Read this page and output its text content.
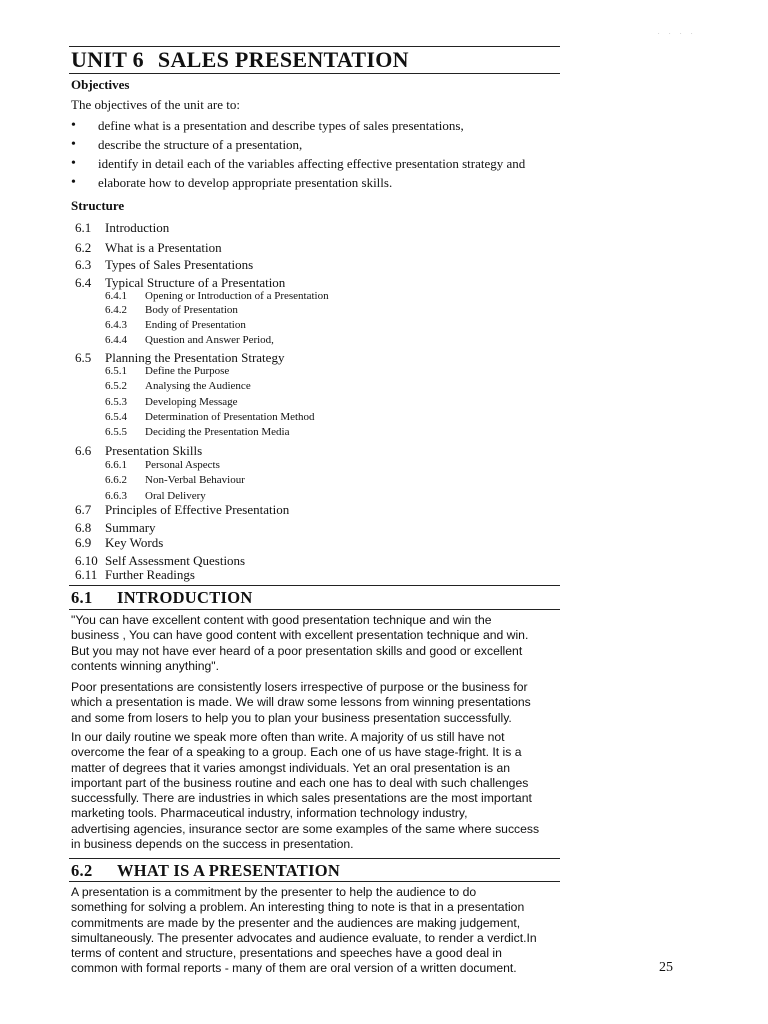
. . . .
UNIT 6 SALES PRESENTATION
Objectives
The objectives of the unit are to:
• define what is a presentation and describe types of sales presentations,
• describe the structure of a presentation,
• identify in detail each of the variables affecting effective presentation strategy and
• elaborate how to develop appropriate presentation skills.
Structure
6.1 Introduction
6.2 What is a Presentation
6.3 Types of Sales Presentations
6.4 Typical Structure of a Presentation
6.4.1 Opening or Introduction of a Presentation
6.4.2 Body of Presentation
6.4.3 Ending of Presentation
6.4.4 Question and Answer Period,
6.5 Planning the Presentation Strategy
6.5.1 Define the Purpose
6.5.2 Analysing the Audience
6.5.3 Developing Message
6.5.4 Determination of Presentation Method
6.5.5 Deciding the Presentation Media
6.6 Presentation Skills
6.6.1 Personal Aspects
6.6.2 Non-Verbal Behaviour
6.6.3 Oral Delivery
6.7 Principles of Effective Presentation
6.8 Summary
6.9 Key Words
6.10 Self Assessment Questions
6.11 Further Readings
6.1 INTRODUCTION
"You can have excellent content with good presentation technique and win the
business , You can have good content with excellent presentation technique and win.
But you may not have ever heard of a poor presentation skills and good or excellent
contents winning anything".
Poor presentations are consistently losers irrespective of purpose or the business for
which a presentation is made. We will draw some lessons from winning presentations
and some from losers to help you to plan your business presentation successfully.
In our daily routine we speak more often than write. A majority of us still have not
overcome the fear of a speaking to a group. Each one of us have stage-fright. It is a
matter of degrees that it varies amongst individuals. Yet an oral presentation is an
important part of the business routine and each one has to deal with such challenges
successfully. There are industries in which sales presentations are the most important
marketing tools. Pharmaceutical industry, information technology industry,
advertising agencies, insurance sector are some examples of the same where success
in business depends on the success in presentation.
6.2 WHAT IS A PRESENTATION
A presentation is a commitment by the presenter to help the audience to do
something for solving a problem. An interesting thing to note is that in a presentation
commitments are made by the presenter and the audiences are making judgement,
simultaneously. The presenter advocates and audience evaluate, to render a verdict.In
terms of content and structure, presentations and speeches have a good deal in
common with formal reports - many of them are oral version of a written document.	25
